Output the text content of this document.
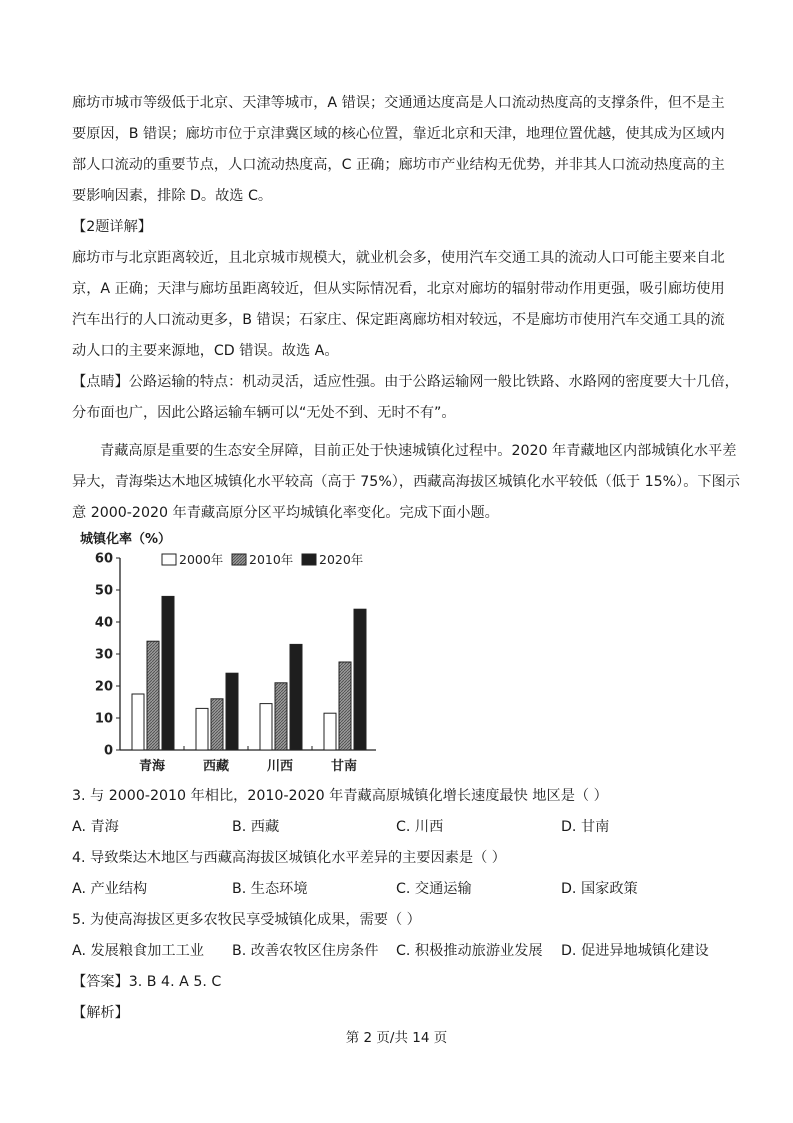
廊坊市城市等级低于北京、天津等城市，A 错误；交通通达度高是人口流动热度高的支撑条件，但不是主
要原因，B 错误；廊坊市位于京津冀区域的核心位置，靠近北京和天津，地理位置优越，使其成为区域内
部人口流动的重要节点，人口流动热度高，C 正确；廊坊市产业结构无优势，并非其人口流动热度高的主
要影响因素，排除 D。故选 C。
【2题详解】
廊坊市与北京距离较近，且北京城市规模大，就业机会多，使用汽车交通工具的流动人口可能主要来自北
京，A 正确；天津与廊坊虽距离较近，但从实际情况看，北京对廊坊的辐射带动作用更强，吸引廊坊使用
汽车出行的人口流动更多，B 错误；石家庄、保定距离廊坊相对较远，不是廊坊市使用汽车交通工具的流
动人口的主要来源地，CD 错误。故选 A。
【点睛】公路运输的特点：机动灵活，适应性强。由于公路运输网一般比铁路、水路网的密度要大十几倍，
分布面也广，因此公路运输车辆可以“无处不到、无时不有”。
青藏高原是重要的生态安全屏障，目前正处于快速城镇化过程中。2020 年青藏地区内部城镇化水平差
异大，青海柴达木地区城镇化水平较高（高于 75%），西藏高海拔区城镇化水平较低（低于 15%）。下图示
意 2000-2020 年青藏高原分区平均城镇化率变化。完成下面小题。
城镇化率（%）
0
10
20
30
40
50
60
青海	西藏	川西	甘南
2000年 2010年 2020年
3. 与 2000-2010 年相比，2010-2020 年青藏高原城镇化增长速度最快 地区是（ ）
A. 青海	B. 西藏	C. 川西	D. 甘南
4. 导致柴达木地区与西藏高海拔区城镇化水平差异的主要因素是（ ）
A. 产业结构	B. 生态环境	C. 交通运输	D. 国家政策
5. 为使高海拔区更多农牧民享受城镇化成果，需要（ ）
A. 发展粮食加工工业 B. 改善农牧区住房条件 C. 积极推动旅游业发展 D. 促进异地城镇化建设
【答案】3. B 4. A 5. C
【解析】
第 2 页/共 14 页
